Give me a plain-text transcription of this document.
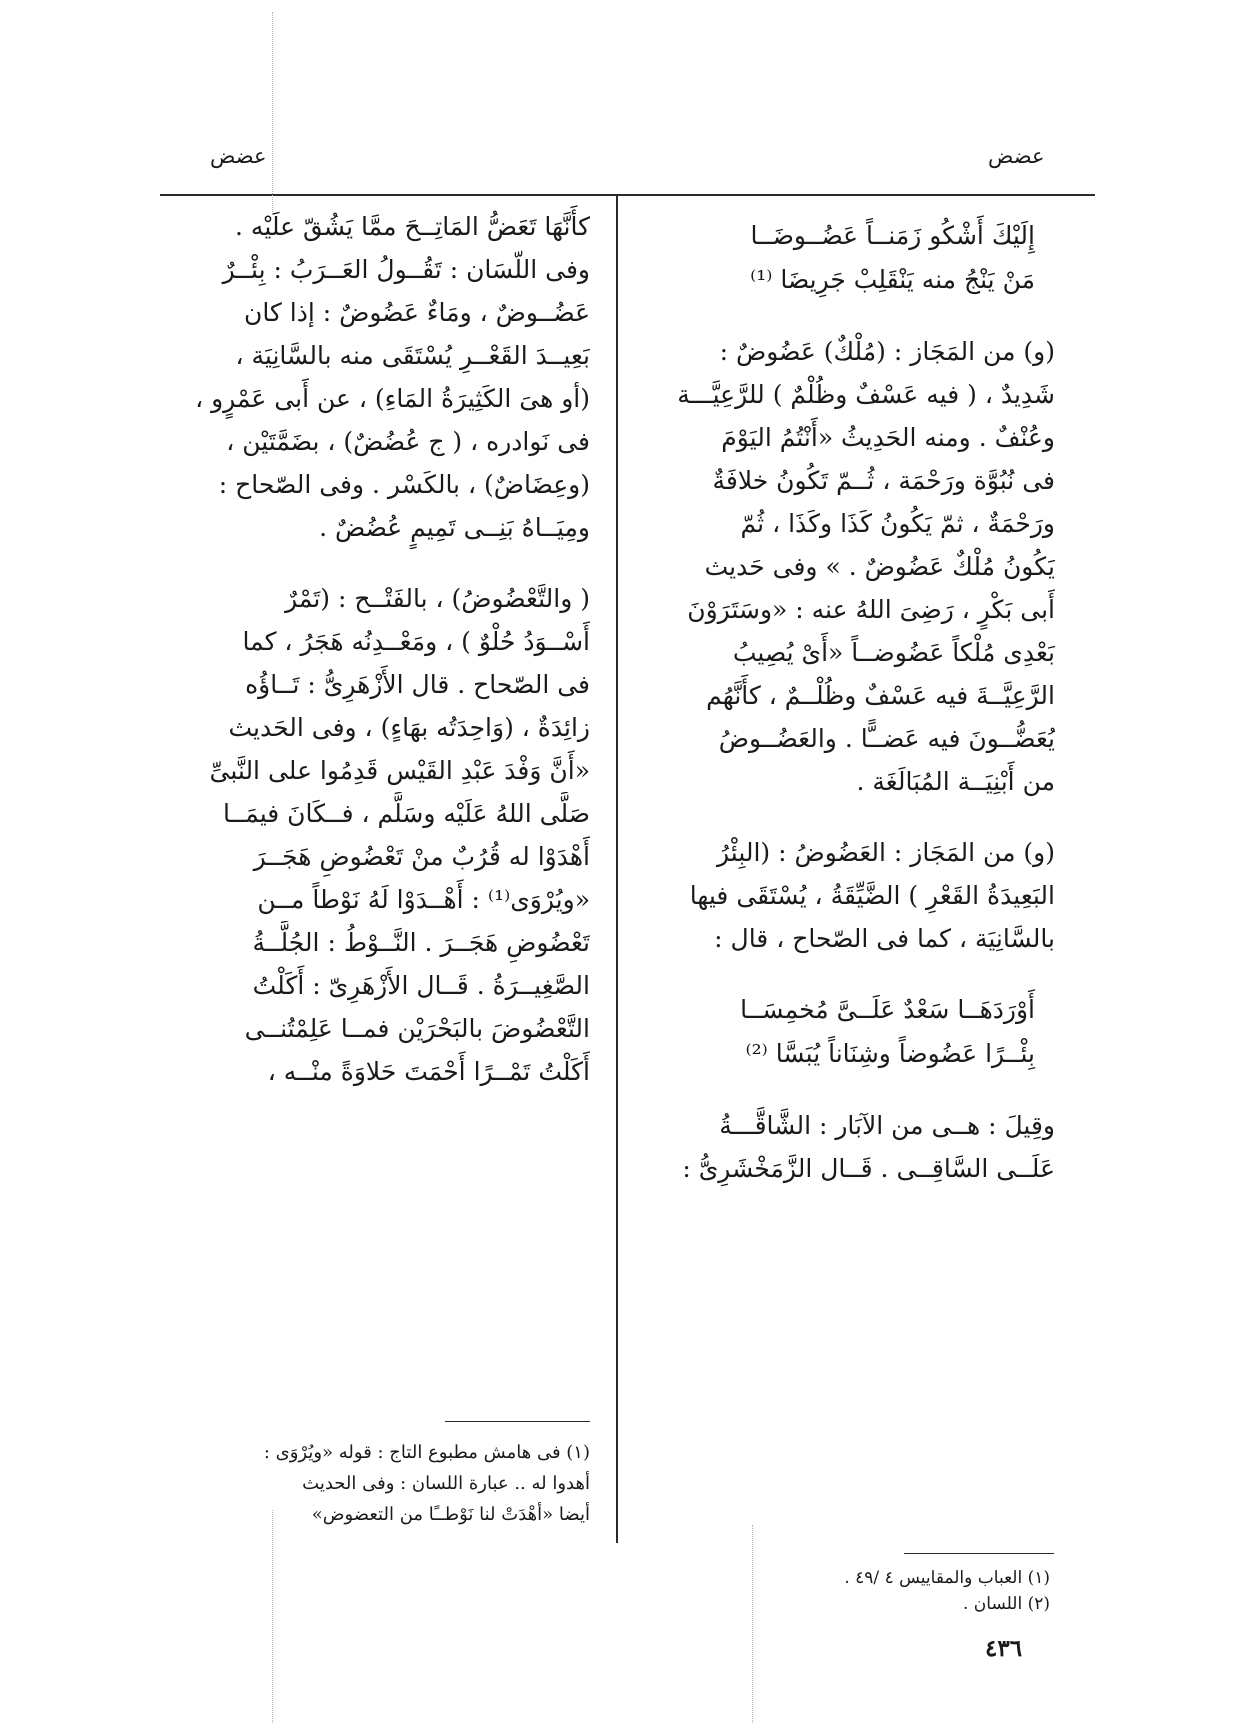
عضض
عضض
إِلَيْكَ أَشْكُو زَمَنــاً عَضُــوضَــا
مَنْ يَنْجُ منه يَنْقَلِبْ جَرِيضَا ⁽¹⁾
(و) من المَجَاز : (مُلْكٌ) عَضُوضٌ :
شَدِيدٌ ، ( فيه عَسْفٌ وظُلْمٌ ) للرَّعِيَّـــة
وعُنْفٌ . ومنه الحَدِيثُ «أَنْتُمُ اليَوْمَ
فى نُبُوَّة ورَحْمَة ، ثُــمّ تَكُونُ خلافَةٌ
ورَحْمَةٌ ، ثمّ يَكُونُ كَذَا وكَذَا ، ثُمّ
يَكُونُ مُلْكٌ عَضُوضٌ . » وفى حَديث
أَبى بَكْرٍ ، رَضِىَ اللهُ عنه : «وسَتَرَوْنَ
بَعْدِى مُلْكاً عَضُوضــاً «أَىْ يُصِيبُ
الرَّعِيَّــةَ فيه عَسْفٌ وظُلْــمٌ ، كأَنَّهُم
يُعَضُّــونَ فيه عَضــًّا . والعَضُــوضُ
من أَبْنِيَــة المُبَالَغَة .
(و) من المَجَاز : العَضُوضُ : (البِئْرُ
البَعِيدَةُ القَعْرِ ) الضَّيِّقَةُ ، يُسْتَقَى فيها
بالسَّانِيَة ، كما فى الصّحاح ، قال :
أَوْرَدَهَــا سَعْدٌ عَلَــىَّ مُخمِسَــا
بِئْــرًا عَضُوضاً وشِنَاناً يُبَسَّا ⁽²⁾
وقِيلَ : هــى من الآبَار : الشَّاقَّـــةُ
عَلَــى السَّاقِــى . قَــال الزَّمَخْشَرِىُّ :
(١) العباب والمقاييس ٤ /٤٩ .
(٢) اللسان .
كأَنَّهَا تَعَضُّ المَاتِــحَ ممَّا يَشُقّ علَيْه .
وفى اللّسَان : تَقُــولُ العَــرَبُ : بِئْــرٌ
عَضُــوضٌ ، ومَاءٌ عَضُوضٌ : إذا كان
بَعِيــدَ القَعْــرِ يُسْتَقَى منه بالسَّانِيَة ،
(أو هىَ الكَثِيرَةُ المَاءِ) ، عن أَبى عَمْرٍو ،
فى نَوادره ، ( ج عُضُضٌ) ، بضَمَّتَيْن ،
(وعِضَاضٌ) ، بالكَسْر . وفى الصّحاح :
ومِيَــاهُ بَنِــى تَمِيمٍ عُضُضٌ .
( والتَّعْضُوضُ) ، بالفَتْــح : (تَمْرٌ
أَسْــوَدُ حُلْوٌ ) ، ومَعْــدِنُه هَجَرُ ، كما
فى الصّحاح . قال الأَزْهَرِىُّ : تَــاؤُه
زائِدَةٌ ، (وَاحِدَتُه بهَاءٍ) ، وفى الحَديث
«أَنَّ وَفْدَ عَبْدِ القَيْس قَدِمُوا على النَّبىِّ
صَلَّى اللهُ عَلَيْه وسَلَّم ، فــكَانَ فيمَــا
أَهْدَوْا له قُرُبٌ منْ تَعْضُوضِ هَجَــرَ
«ويُرْوَى⁽¹⁾ : أَهْــدَوْا لَهُ نَوْطاً مــن
تَعْضُوضِ هَجَــرَ . النَّــوْطُ : الجُلَّــةُ
الصَّغِيــرَةُ . قَــال الأَزْهَرِىّ : أَكَلْتُ
التَّعْضُوضَ بالبَحْرَيْن فمــا عَلِمْتُنــى
أَكَلْتُ تَمْــرًا أَحْمَتَ حَلاوَةً منْــه ،
(١) فى هامش مطبوع التاج : قوله «ويُرْوَى :
أهدوا له .. عبارة اللسان : وفى الحديث
أيضا «أهْدَتْ لنا نَوْطــًا من التعضوض»
٤٣٦
